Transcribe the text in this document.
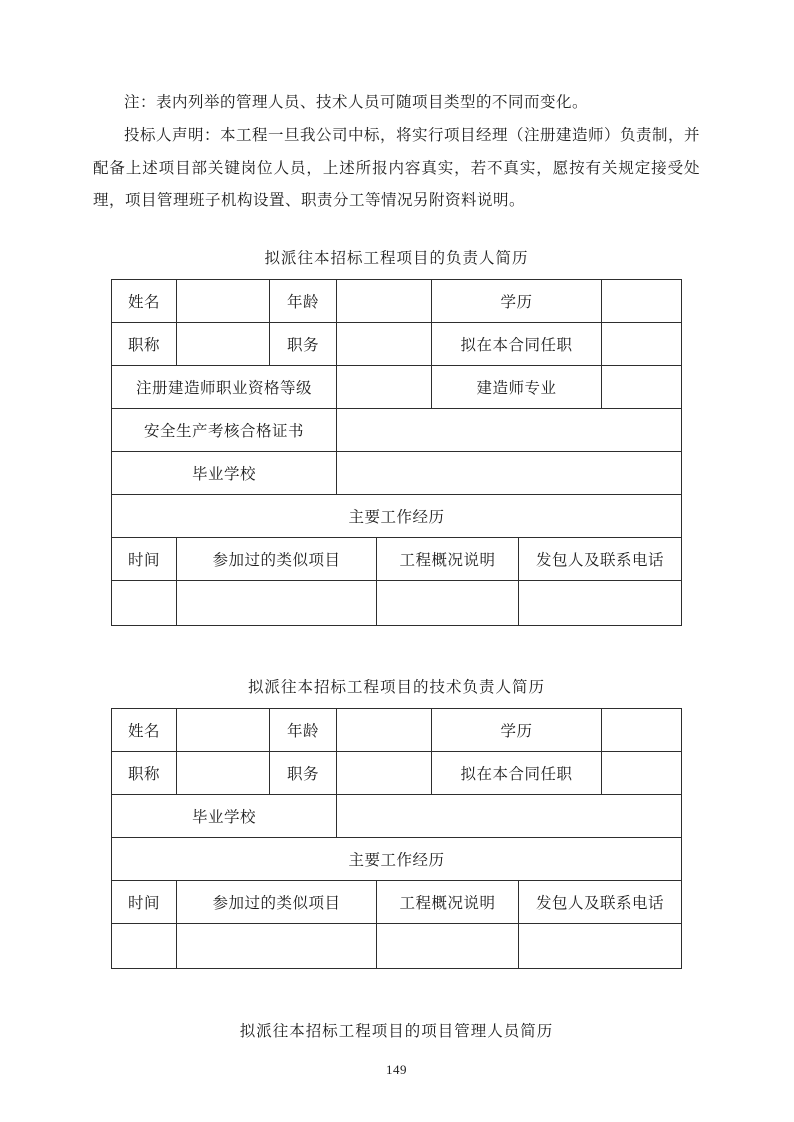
注：表内列举的管理人员、技术人员可随项目类型的不同而变化。

投标人声明：本工程一旦我公司中标，将实行项目经理（注册建造师）负责制，并配备上述项目部关键岗位人员，上述所报内容真实，若不真实，愿按有关规定接受处理，项目管理班子机构设置、职责分工等情况另附资料说明。

拟派往本招标工程项目的负责人简历
姓名		年龄			学历		
职称		职务			拟在本合同任职		
注册建造师职业资格等级					建造师专业		
安全生产考核合格证书							
毕业学校							
主要工作经历							
时间	参加过的类似项目			工程概况说明		发包人及联系电话	

拟派往本招标工程项目的技术负责人简历
姓名		年龄			学历		
职称		职务			拟在本合同任职		
毕业学校							
主要工作经历							
时间	参加过的类似项目			工程概况说明		发包人及联系电话	

拟派往本招标工程项目的项目管理人员简历
149
